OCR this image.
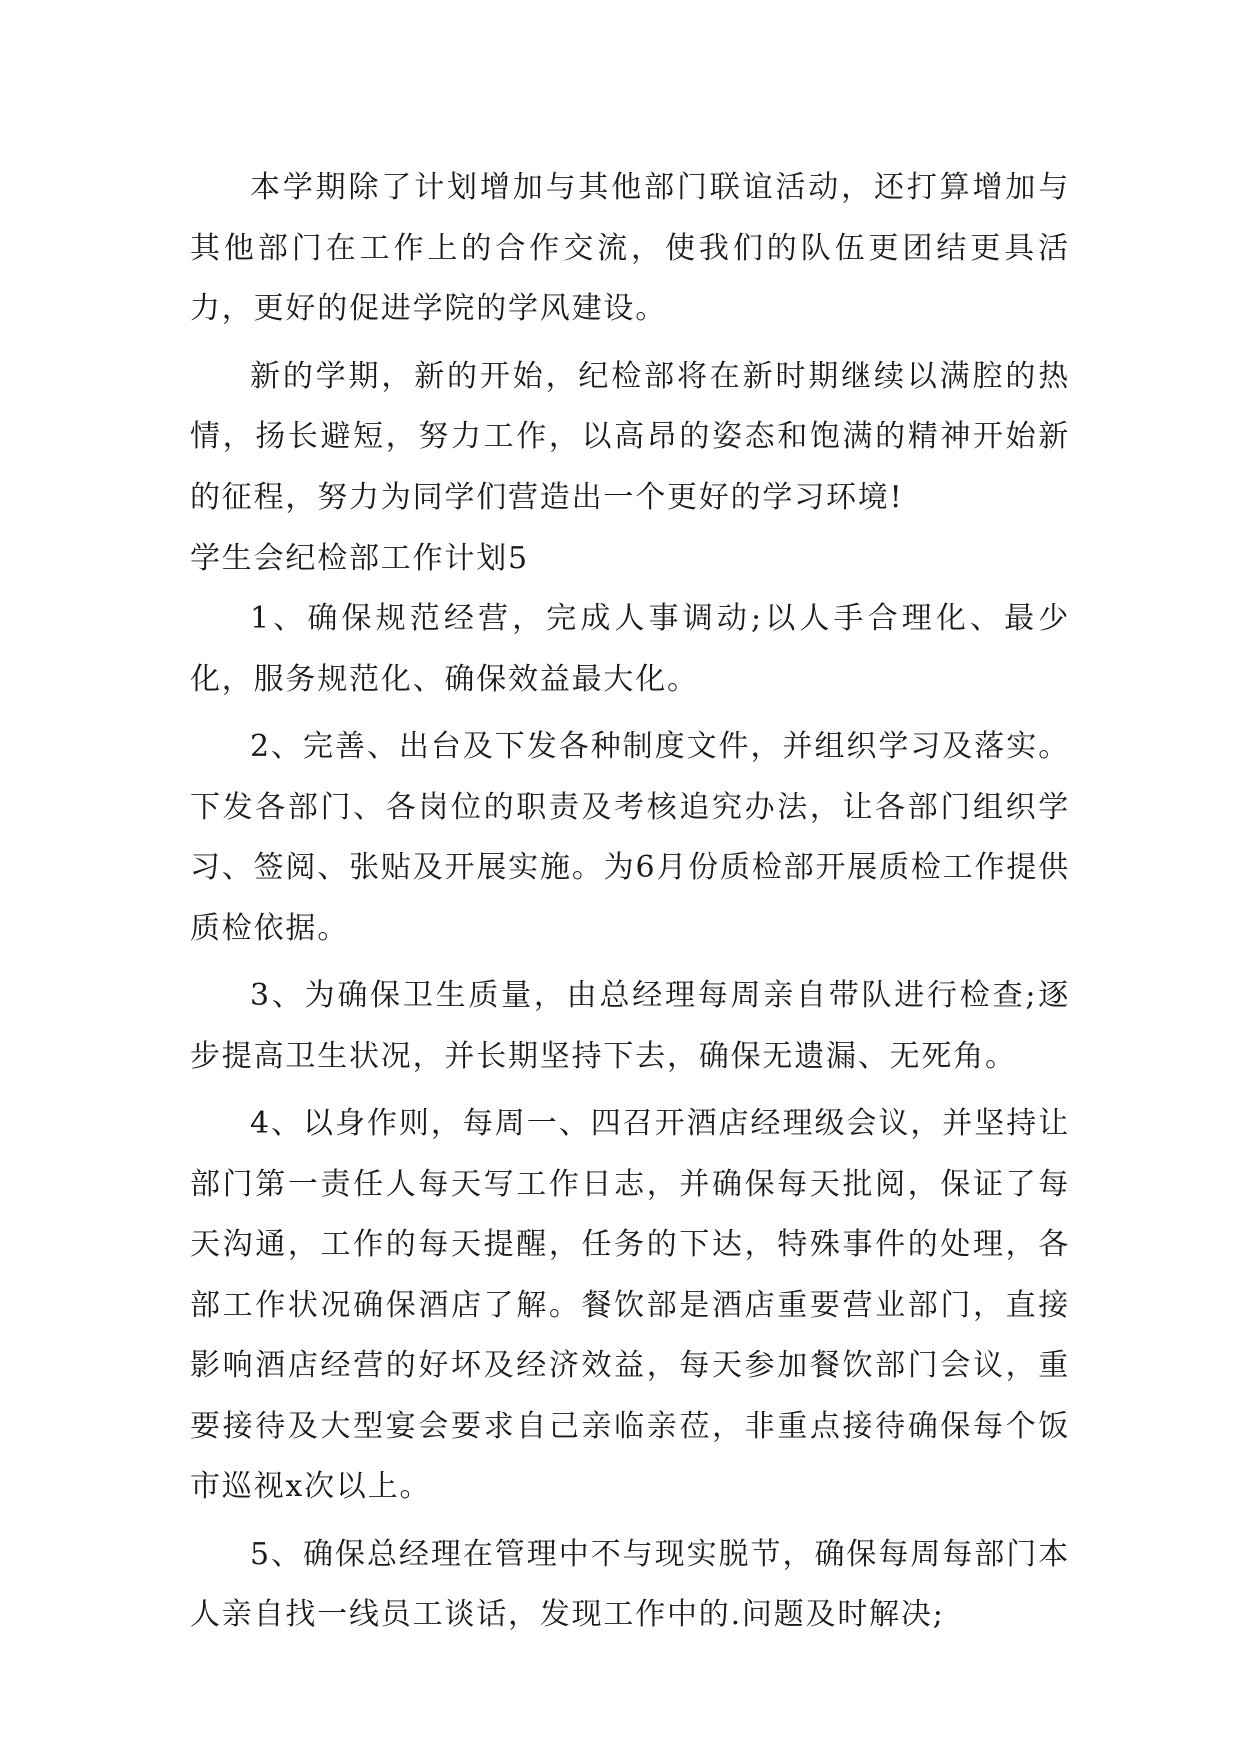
本学期除了计划增加与其他部门联谊活动，还打算增加与其他部门在工作上的合作交流，使我们的队伍更团结更具活力，更好的促进学院的学风建设。

新的学期，新的开始，纪检部将在新时期继续以满腔的热情，扬长避短，努力工作，以高昂的姿态和饱满的精神开始新的征程，努力为同学们营造出一个更好的学习环境!

学生会纪检部工作计划5

1、确保规范经营，完成人事调动;以人手合理化、最少化，服务规范化、确保效益最大化。

2、完善、出台及下发各种制度文件，并组织学习及落实。下发各部门、各岗位的职责及考核追究办法，让各部门组织学习、签阅、张贴及开展实施。为6月份质检部开展质检工作提供质检依据。

3、为确保卫生质量，由总经理每周亲自带队进行检查;逐步提高卫生状况，并长期坚持下去，确保无遗漏、无死角。

4、以身作则，每周一、四召开酒店经理级会议，并坚持让部门第一责任人每天写工作日志，并确保每天批阅，保证了每天沟通，工作的每天提醒，任务的下达，特殊事件的处理，各部工作状况确保酒店了解。餐饮部是酒店重要营业部门，直接影响酒店经营的好坏及经济效益，每天参加餐饮部门会议，重要接待及大型宴会要求自己亲临亲莅，非重点接待确保每个饭市巡视x次以上。

5、确保总经理在管理中不与现实脱节，确保每周每部门本人亲自找一线员工谈话，发现工作中的.问题及时解决;
